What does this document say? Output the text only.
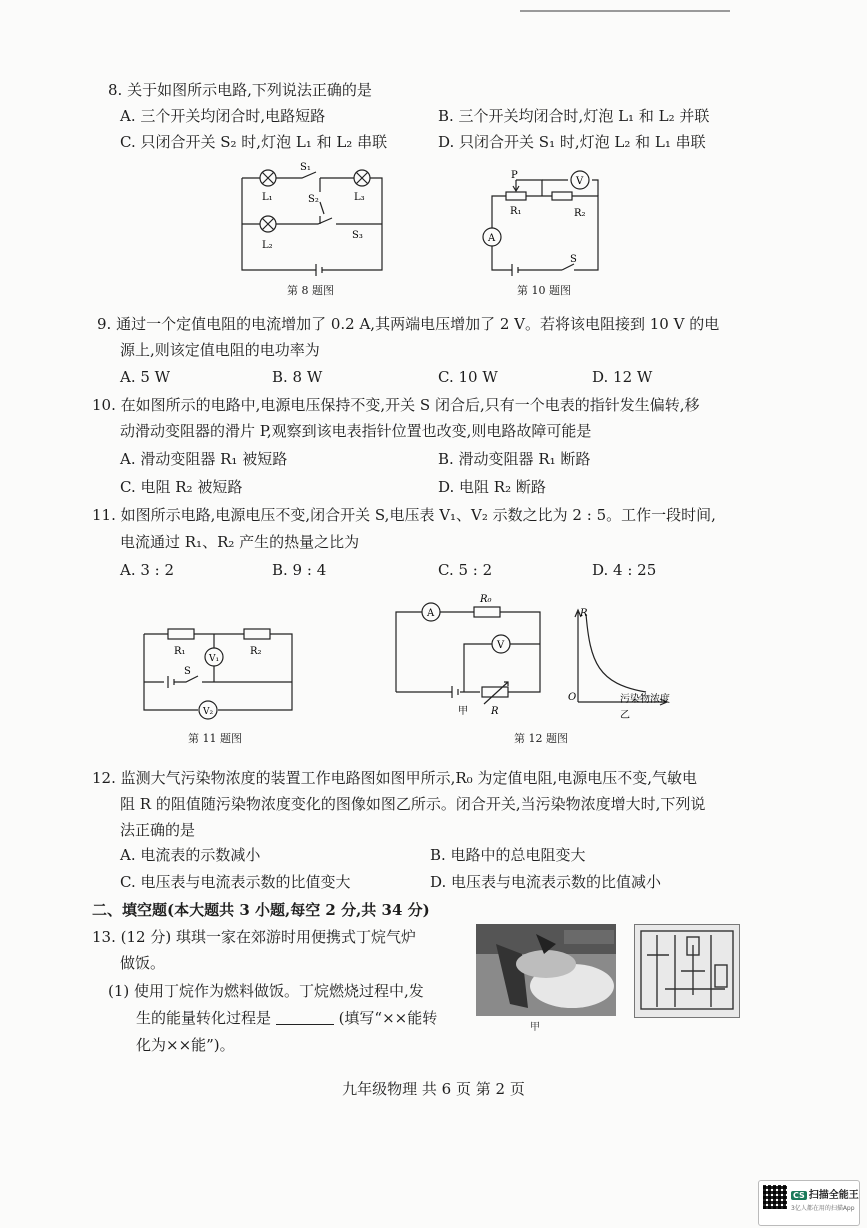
8. 关于如图所示电路,下列说法正确的是
A. 三个开关均闭合时,电路短路	B. 三个开关均闭合时,灯泡 L₁ 和 L₂ 并联
C. 只闭合开关 S₂ 时,灯泡 L₁ 和 L₂ 串联	D. 只闭合开关 S₁ 时,灯泡 L₂ 和 L₁ 串联
S₁
S₂
S₃
L₁
L₂
L₃
第 8 题图
P
R₁	R₂
V
A
S
第 10 题图
9. 通过一个定值电阻的电流增加了 0.2 A,其两端电压增加了 2 V。若将该电阻接到 10 V 的电
源上,则该定值电阻的电功率为
A. 5 W	B. 8 W	C. 10 W	D. 12 W
10. 在如图所示的电路中,电源电压保持不变,开关 S 闭合后,只有一个电表的指针发生偏转,移
动滑动变阻器的滑片 P,观察到该电表指针位置也改变,则电路故障可能是
A. 滑动变阻器 R₁ 被短路	B. 滑动变阻器 R₁ 断路
C. 电阻 R₂ 被短路	D. 电阻 R₂ 断路
11. 如图所示电路,电源电压不变,闭合开关 S,电压表 V₁、V₂ 示数之比为 2 : 5。工作一段时间,
电流通过 R₁、R₂ 产生的热量之比为
A. 3 : 2	B. 9 : 4	C. 5 : 2	D. 4 : 25
R₁	R₂
S
V₁
V₂
第 11 题图
A
R₀
V
R
甲
R
O	污染物浓度
乙
第 12 题图
12. 监测大气污染物浓度的装置工作电路图如图甲所示,R₀ 为定值电阻,电源电压不变,气敏电
阻 R 的阻值随污染物浓度变化的图像如图乙所示。闭合开关,当污染物浓度增大时,下列说
法正确的是
A. 电流表的示数减小	B. 电路中的总电阻变大
C. 电压表与电流表示数的比值变大	D. 电压表与电流表示数的比值减小
二、填空题(本大题共 3 小题,每空 2 分,共 34 分)
13. (12 分) 琪琪一家在郊游时用便携式丁烷气炉
做饭。
(1) 使用丁烷作为燃料做饭。丁烷燃烧过程中,发
生的能量转化过程是	(填写“××能转
化为××能”)。
甲
九年级物理 共 6 页 第 2 页
CS 扫描全能王
3亿人都在用的扫描App
